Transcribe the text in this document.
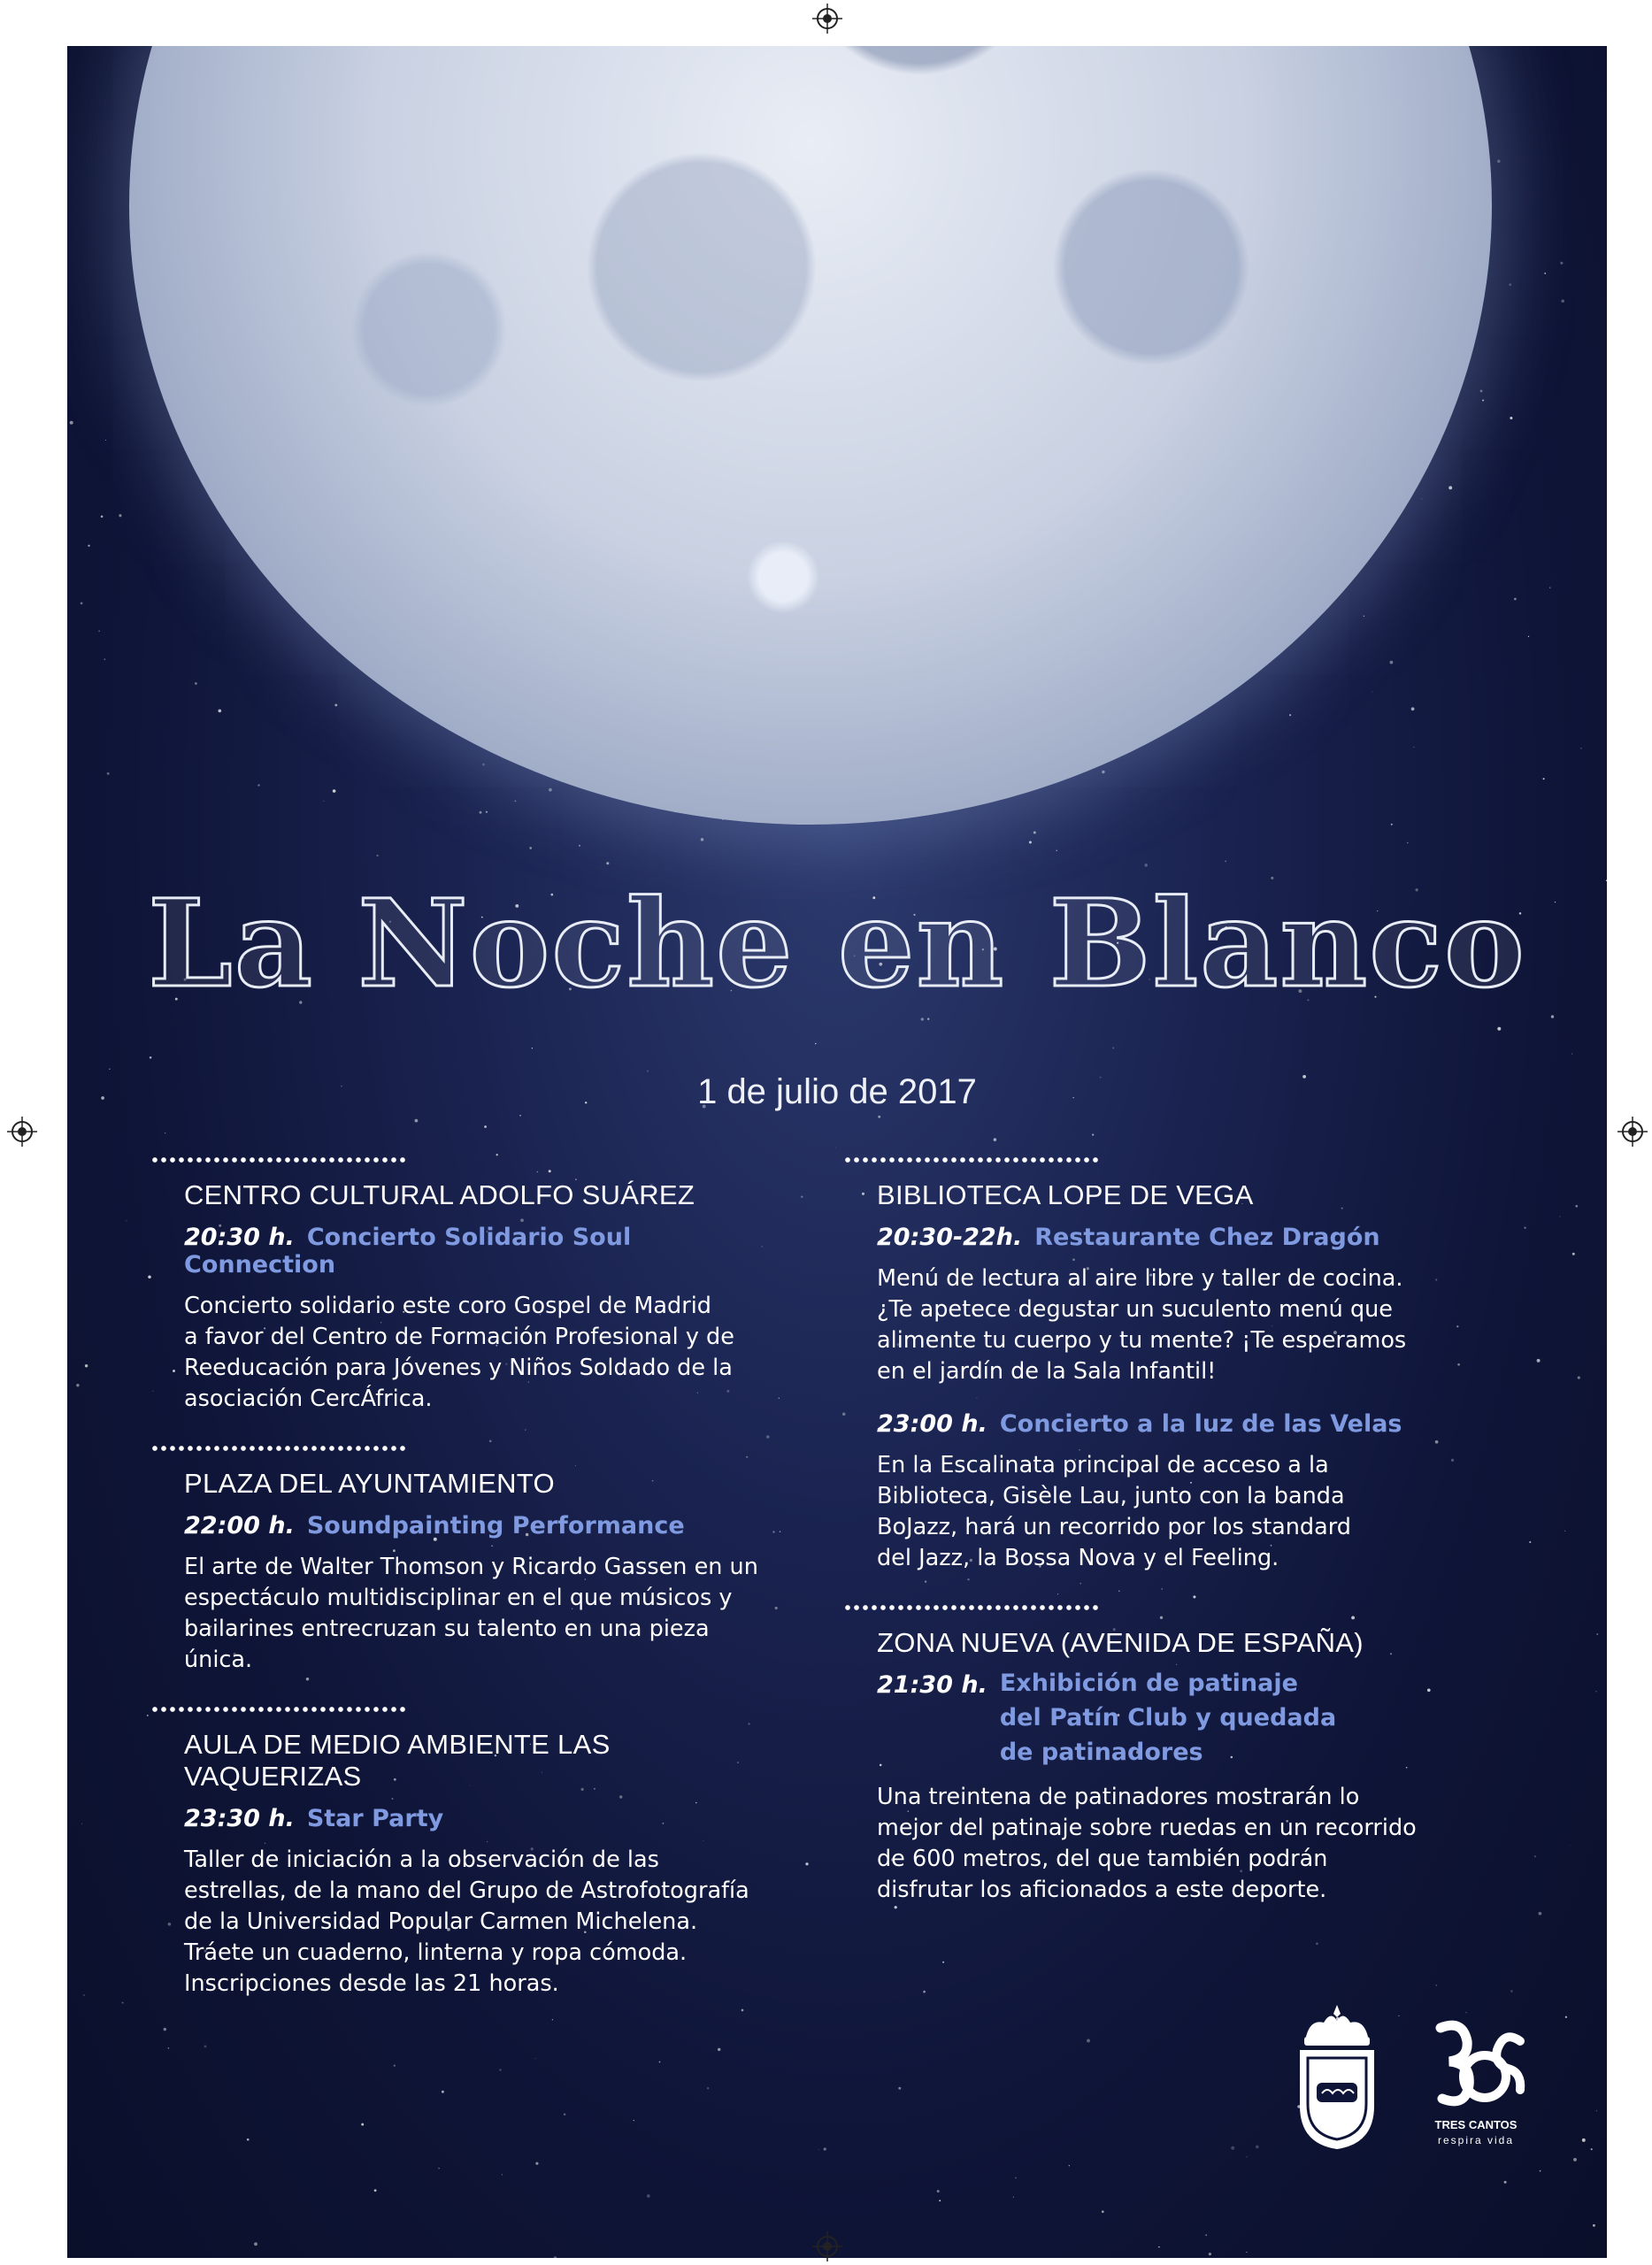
La Noche en Blanco

1 de julio de 2017

CENTRO CULTURAL ADOLFO SUÁREZ

20:30 h. Concierto Solidario Soul Connection

Concierto solidario este coro Gospel de Madrid
a favor del Centro de Formación Profesional y de
Reeducación para Jóvenes y Niños Soldado de la
asociación CercÁfrica.

PLAZA DEL AYUNTAMIENTO

22:00 h. Soundpainting Performance

El arte de Walter Thomson y Ricardo Gassen en un
espectáculo multidisciplinar en el que músicos y
bailarines entrecruzan su talento en una pieza única.

AULA DE MEDIO AMBIENTE LAS VAQUERIZAS

23:30 h. Star Party

Taller de iniciación a la observación de las
estrellas, de la mano del Grupo de Astrofotografía
de la Universidad Popular Carmen Michelena.
Tráete un cuaderno, linterna y ropa cómoda.
Inscripciones desde las 21 horas.

BIBLIOTECA LOPE DE VEGA

20:30-22h. Restaurante Chez Dragón

Menú de lectura al aire libre y taller de cocina.
¿Te apetece degustar un suculento menú que
alimente tu cuerpo y tu mente? ¡Te esperamos
en el jardín de la Sala Infantil!

23:00 h. Concierto a la luz de las Velas

En la Escalinata principal de acceso a la
Biblioteca, Gisèle Lau, junto con la banda
BoJazz, hará un recorrido por los standard
del Jazz, la Bossa Nova y el Feeling.

ZONA NUEVA (AVENIDA DE ESPAÑA)

21:30 h. Exhibición de patinaje
del Patín Club y quedada
de patinadores

Una treintena de patinadores mostrarán lo
mejor del patinaje sobre ruedas en un recorrido
de 600 metros, del que también podrán
disfrutar los aficionados a este deporte.

TRES CANTOS

respira vida
